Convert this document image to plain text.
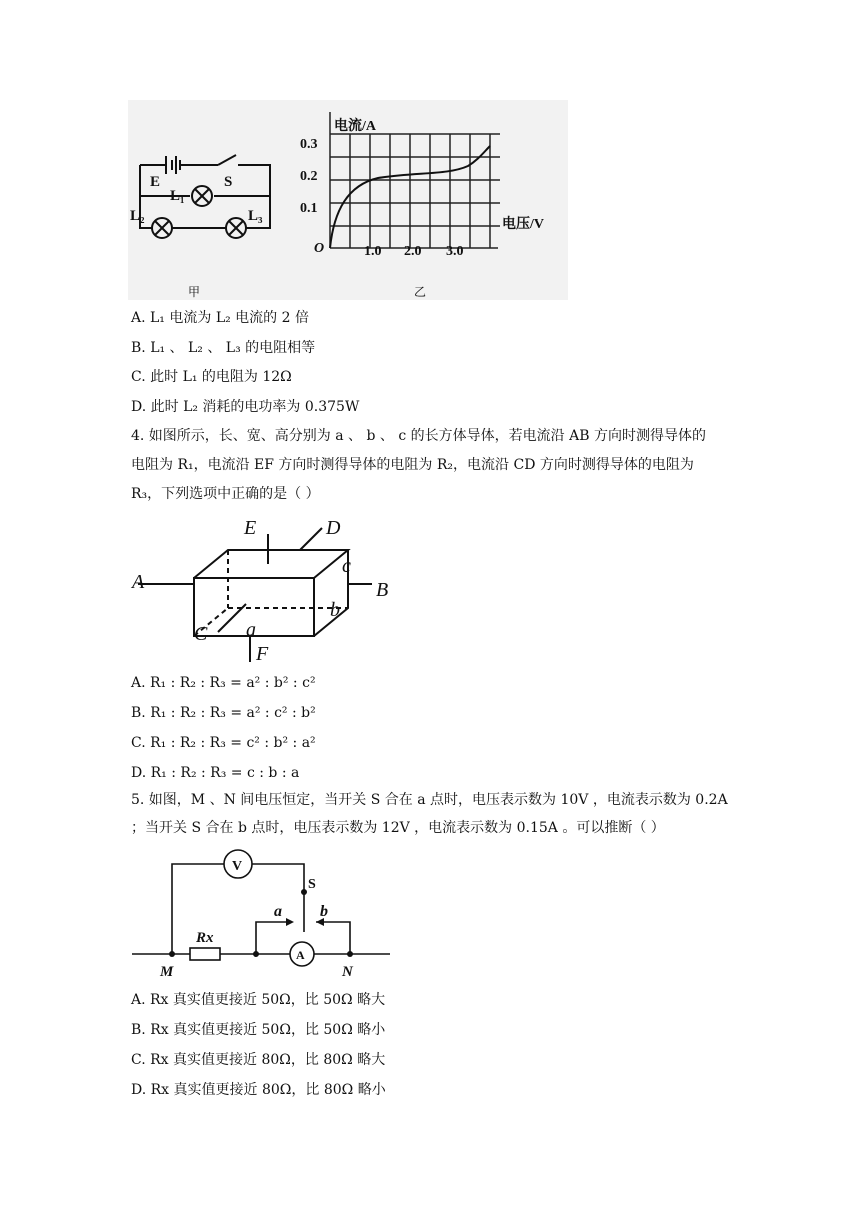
E	S
L₁
L₂	L₃
甲
电流/A
电压/V
O
0.1
0.2
0.3
1.0 2.0 3.0
乙
A. L₁ 电流为 L₂ 电流的 2 倍
B. L₁ 、 L₂ 、 L₃ 的电阻相等
C. 此时 L₁ 的电阻为 12Ω
D. 此时 L₂ 消耗的电功率为 0.375W
4. 如图所示，长、宽、高分别为 a 、 b 、 c 的长方体导体，若电流沿 AB 方向时测得导体的
电阻为 R₁，电流沿 EF 方向时测得导体的电阻为 R₂，电流沿 CD 方向时测得导体的电阻为
R₃，下列选项中正确的是（ ）
A	B
C
D
E
F
a
b
c
A. R₁ : R₂ : R₃ = a² : b² : c²
B. R₁ : R₂ : R₃ = a² : c² : b²
C. R₁ : R₂ : R₃ = c² : b² : a²
D. R₁ : R₂ : R₃ = c : b : a
5. 如图，M 、N 间电压恒定，当开关 S 合在 a 点时，电压表示数为 10V ，电流表示数为 0.2A
；当开关 S 合在 b 点时，电压表示数为 12V ，电流表示数为 0.15A 。可以推断（ ）
V
A
S
a b
Rx
M	N
A. Rx 真实值更接近 50Ω，比 50Ω 略大
B. Rx 真实值更接近 50Ω，比 50Ω 略小
C. Rx 真实值更接近 80Ω，比 80Ω 略大
D. Rx 真实值更接近 80Ω，比 80Ω 略小
